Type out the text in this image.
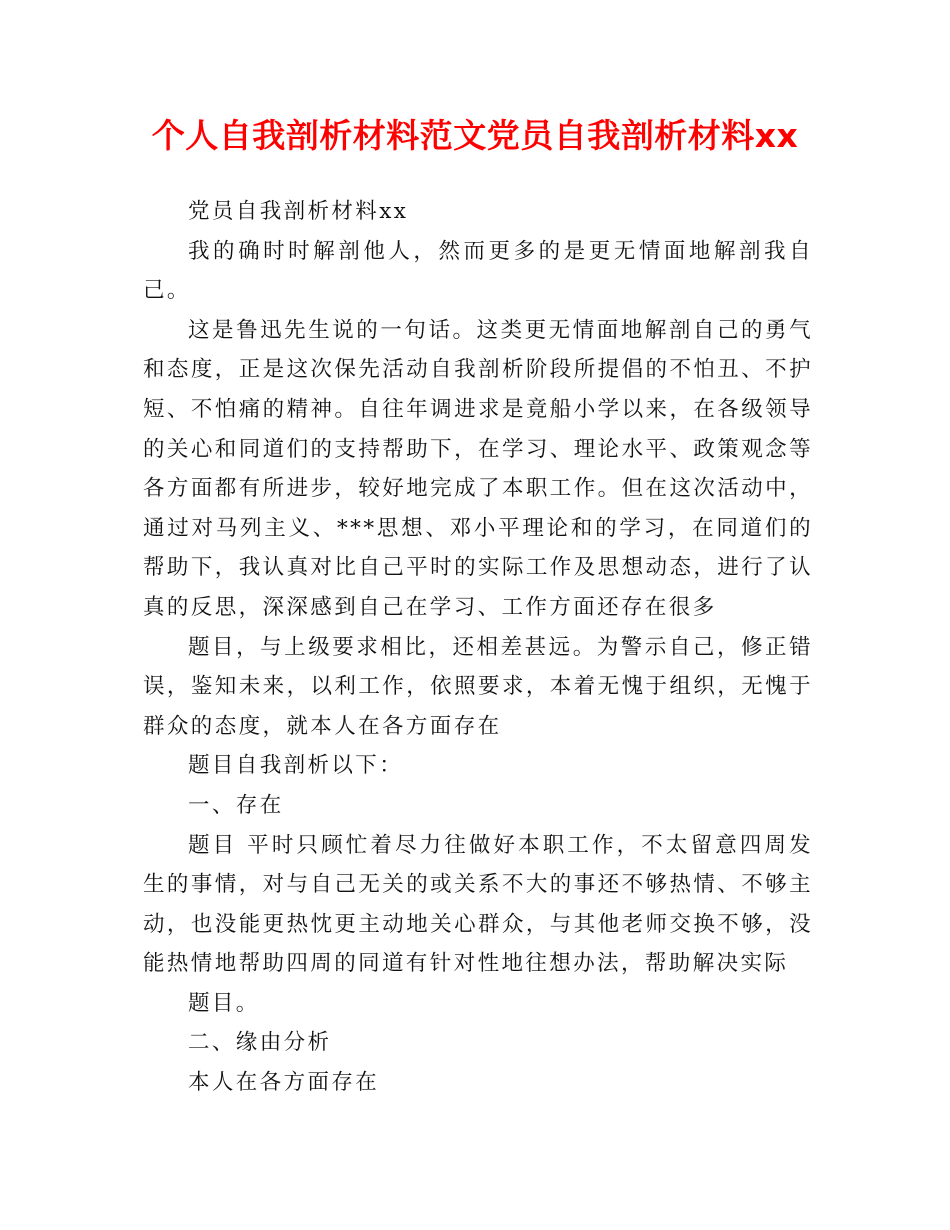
个人自我剖析材料范文党员自我剖析材料xx

党员自我剖析材料xx

我的确时时解剖他人，然而更多的是更无情面地解剖我自己。

这是鲁迅先生说的一句话。这类更无情面地解剖自己的勇气和态度，正是这次保先活动自我剖析阶段所提倡的不怕丑、不护短、不怕痛的精神。自往年调进求是竟船小学以来，在各级领导的关心和同道们的支持帮助下，在学习、理论水平、政策观念等各方面都有所进步，较好地完成了本职工作。但在这次活动中，通过对马列主义、***思想、邓小平理论和的学习，在同道们的帮助下，我认真对比自己平时的实际工作及思想动态，进行了认真的反思，深深感到自己在学习、工作方面还存在很多

题目，与上级要求相比，还相差甚远。为警示自己，修正错误，鉴知未来，以利工作，依照要求，本着无愧于组织，无愧于群众的态度，就本人在各方面存在

题目自我剖析以下：

一、存在

题目 平时只顾忙着尽力往做好本职工作，不太留意四周发生的事情，对与自己无关的或关系不大的事还不够热情、不够主动，也没能更热忱更主动地关心群众，与其他老师交换不够，没能热情地帮助四周的同道有针对性地往想办法，帮助解决实际

题目。

二、缘由分析

本人在各方面存在
